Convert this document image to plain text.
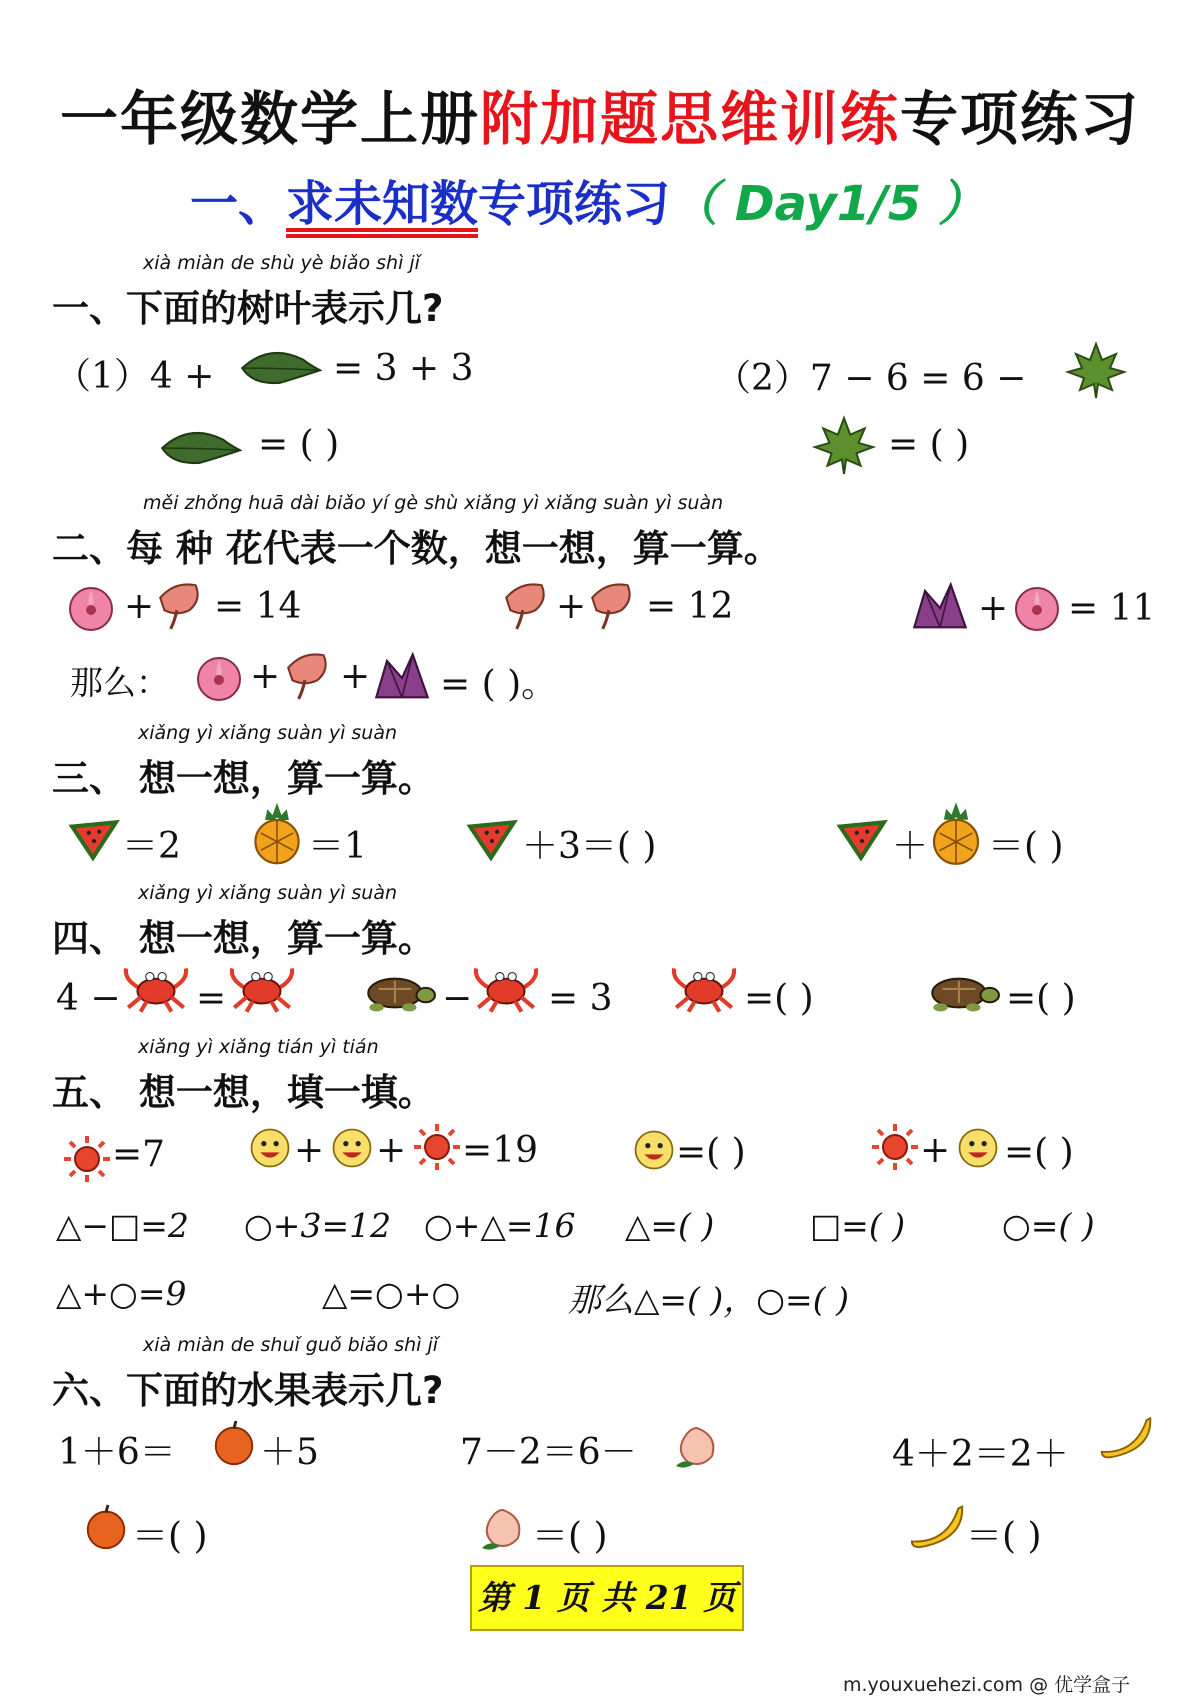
一年级数学上册附加题思维训练专项练习
一、求未知数专项练习（ Day1/5 ）
xià miàn de shù yè biǎo shì jǐ
一、下面的树叶表示几?
（1）4 +	= 3 + 3	（2）7 − 6 = 6 −
= ( )	= ( )
měi zhǒng huā dài biǎo yí gè shù xiǎng yì xiǎng suàn yì suàn
二、每 种 花代表一个数，想一想，算一算。
+ = 14	+ = 12	+ = 11
那么： + + = ( )。
xiǎng yì xiǎng suàn yì suàn
三、 想一想，算一算。
＝2	＝1	＋3＝( )	＋ ＝( )
xiǎng yì xiǎng suàn yì suàn
四、 想一想，算一算。
4 − =	− = 3	=( )	=( )
xiǎng yì xiǎng tián yì tián
五、 想一想，填一填。
=7	+ + =19	=( )	+ =( )
△−□=2 ○+3=12 ○+△=16 △=( )	□=( )	○=( )
△+○=9	△=○+○	那么△=( )，○=( )
xià miàn de shuǐ guǒ biǎo shì jǐ
六、下面的水果表示几?
1＋6＝ ＋5	7－2＝6－	4＋2＝2＋
＝( )	＝( )	＝( )
第 1 页 共 21 页
m.youxuehezi.com @ 优学盒子
